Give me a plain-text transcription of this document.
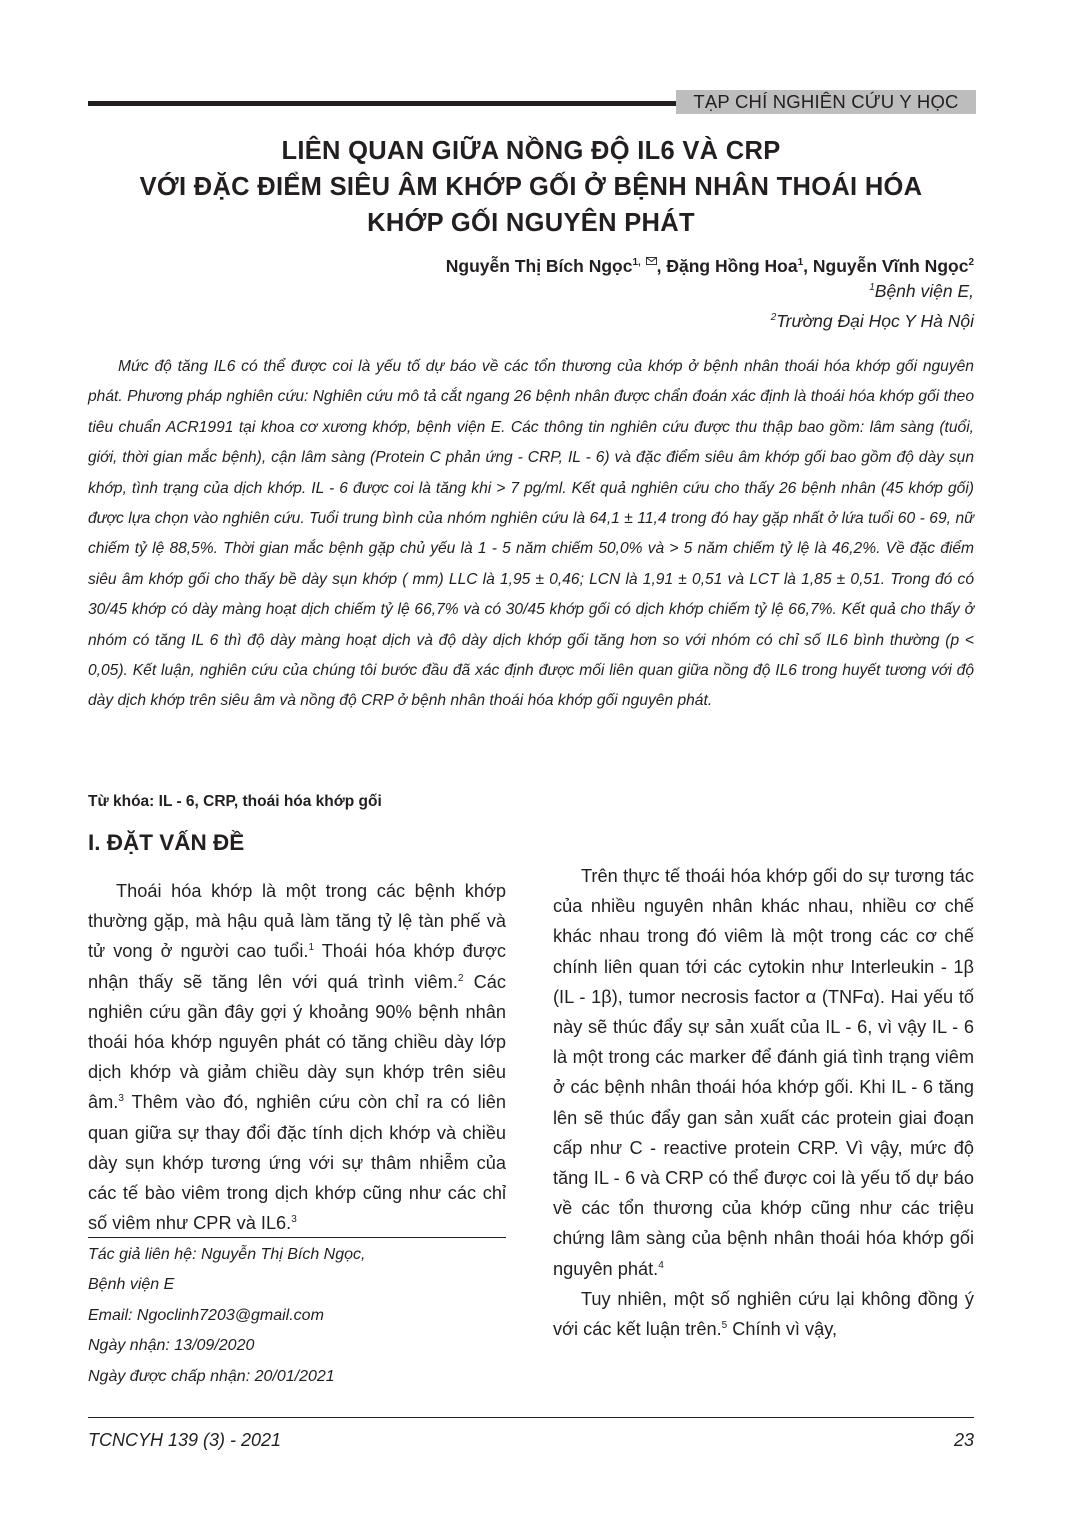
TẠP CHÍ NGHIÊN CỨU Y HỌC
LIÊN QUAN GIỮA NỒNG ĐỘ IL6 VÀ CRP
VỚI ĐẶC ĐIỂM SIÊU ÂM KHỚP GỐI Ở BỆNH NHÂN THOÁI HÓA
KHỚP GỐI NGUYÊN PHÁT
Nguyễn Thị Bích Ngọc$^{1,}$ , Đặng Hồng Hoa$^1$, Nguyễn Vĩnh Ngọc$^2$
$^1$Bệnh viện E,
$^2$Trường Đại Học Y Hà Nội
Mức độ tăng IL6 có thể được coi là yếu tố dự báo về các tổn thương của khớp ở bệnh nhân thoái hóa khớp gối nguyên phát. Phương pháp nghiên cứu: Nghiên cứu mô tả cắt ngang 26 bệnh nhân được chẩn đoán xác định là thoái hóa khớp gối theo tiêu chuẩn ACR1991 tại khoa cơ xương khớp, bệnh viện E. Các thông tin nghiên cứu được thu thập bao gồm: lâm sàng (tuổi, giới, thời gian mắc bệnh), cận lâm sàng (Protein C phản ứng - CRP, IL - 6) và đặc điểm siêu âm khớp gối bao gồm độ dày sụn khớp, tình trạng của dịch khớp. IL - 6 được coi là tăng khi > 7 pg/ml. Kết quả nghiên cứu cho thấy 26 bệnh nhân (45 khớp gối) được lựa chọn vào nghiên cứu. Tuổi trung bình của nhóm nghiên cứu là 64,1 ± 11,4 trong đó hay gặp nhất ở lứa tuổi 60 - 69, nữ chiếm tỷ lệ 88,5%. Thời gian mắc bệnh gặp chủ yếu là 1 - 5 năm chiếm 50,0% và > 5 năm chiếm tỷ lệ là 46,2%. Về đặc điểm siêu âm khớp gối cho thấy bề dày sụn khớp ( mm) LLC là 1,95 ± 0,46; LCN là 1,91 ± 0,51 và LCT là 1,85 ± 0,51. Trong đó có 30/45 khớp có dày màng hoạt dịch chiếm tỷ lệ 66,7% và có 30/45 khớp gối có dịch khớp chiếm tỷ lệ 66,7%. Kết quả cho thấy ở nhóm có tăng IL 6 thì độ dày màng hoạt dịch và độ dày dịch khớp gối tăng hơn so với nhóm có chỉ số IL6 bình thường (p < 0,05). Kết luận, nghiên cứu của chúng tôi bước đầu đã xác định được mối liên quan giữa nồng độ IL6 trong huyết tương với độ dày dịch khớp trên siêu âm và nồng độ CRP ở bệnh nhân thoái hóa khớp gối nguyên phát.
Từ khóa: IL - 6, CRP, thoái hóa khớp gối
I. ĐẶT VẤN ĐỀ

Thoái hóa khớp là một trong các bệnh khớp thường gặp, mà hậu quả làm tăng tỷ lệ tàn phế và tử vong ở người cao tuổi.$^1$ Thoái hóa khớp được nhận thấy sẽ tăng lên với quá trình viêm.$^2$ Các nghiên cứu gần đây gợi ý khoảng 90% bệnh nhân thoái hóa khớp nguyên phát có tăng chiều dày lớp dịch khớp và giảm chiều dày sụn khớp trên siêu âm.$^3$ Thêm vào đó, nghiên cứu còn chỉ ra có liên quan giữa sự thay đổi đặc tính dịch khớp và chiều dày sụn khớp tương ứng với sự thâm nhiễm của các tế bào viêm trong dịch khớp cũng như các chỉ số viêm như CPR và IL6.$^3$

Tác giả liên hệ: Nguyễn Thị Bích Ngọc,
Bệnh viện E
Email: Ngoclinh7203@gmail.com
Ngày nhận: 13/09/2020
Ngày được chấp nhận: 20/01/2021

Trên thực tế thoái hóa khớp gối do sự tương tác của nhiều nguyên nhân khác nhau, nhiều cơ chế khác nhau trong đó viêm là một trong các cơ chế chính liên quan tới các cytokin như Interleukin - 1β (IL - 1β), tumor necrosis factor α (TNFα). Hai yếu tố này sẽ thúc đẩy sự sản xuất của IL - 6, vì vậy IL - 6 là một trong các marker để đánh giá tình trạng viêm ở các bệnh nhân thoái hóa khớp gối. Khi IL - 6 tăng lên sẽ thúc đẩy gan sản xuất các protein giai đoạn cấp như C - reactive protein CRP. Vì vậy, mức độ tăng IL - 6 và CRP có thể được coi là yếu tố dự báo về các tổn thương của khớp cũng như các triệu chứng lâm sàng của bệnh nhân thoái hóa khớp gối nguyên phát.$^4$

Tuy nhiên, một số nghiên cứu lại không đồng ý với các kết luận trên.$^5$ Chính vì vậy,

TCNCYH 139 (3) - 2021	23
